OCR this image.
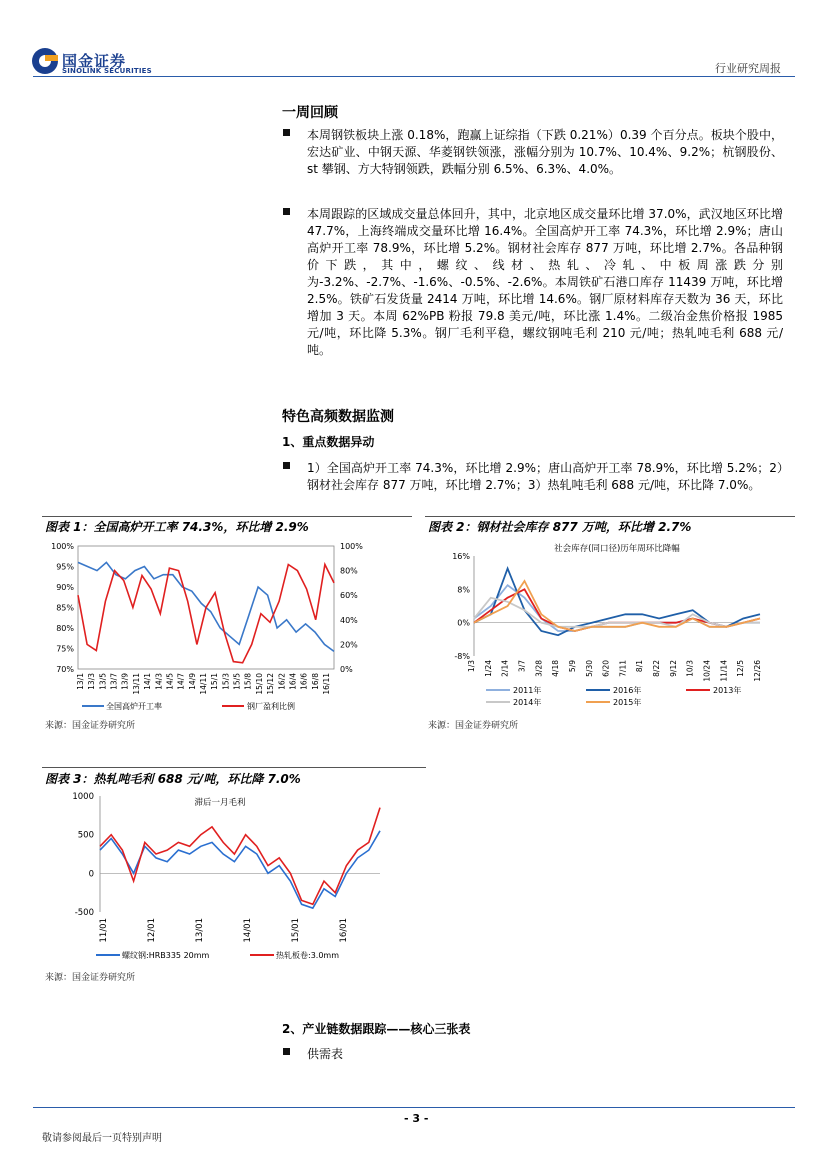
国金证券
SINOLINK SECURITIES	行业研究周报
一周回顾
本周钢铁板块上涨 0.18%，跑赢上证综指（下跌 0.21%）0.39 个百分点。板块个股中，宏达矿业、中钢天源、华菱钢铁领涨，涨幅分别为 10.7%、10.4%、9.2%；杭钢股份、st 攀钢、方大特钢领跌，跌幅分别 6.5%、6.3%、4.0%。
本周跟踪的区域成交量总体回升，其中，北京地区成交量环比增 37.0%，武汉地区环比增 47.7%，上海终端成交量环比增 16.4%。全国高炉开工率 74.3%，环比增 2.9%；唐山高炉开工率 78.9%，环比增 5.2%。钢材社会库存 877 万吨，环比增 2.7%。各品种钢价下跌，其中，螺纹、线材、热轧、冷轧、中板周涨跌分别为-3.2%、-2.7%、-1.6%、-0.5%、-2.6%。本周铁矿石港口库存 11439 万吨，环比增 2.5%。铁矿石发货量 2414 万吨，环比增 14.6%。钢厂原材料库存天数为 36 天，环比增加 3 天。本周 62%PB 粉报 79.8 美元/吨，环比涨 1.4%。二级冶金焦价格报 1985 元/吨，环比降 5.3%。钢厂毛利平稳，螺纹钢吨毛利 210 元/吨；热轧吨毛利 688 元/吨。
特色高频数据监测
1、重点数据异动
1）全国高炉开工率 74.3%，环比增 2.9%；唐山高炉开工率 78.9%，环比增 5.2%；2）钢材社会库存 877 万吨，环比增 2.7%；3）热轧吨毛利 688 元/吨，环比降 7.0%。
图表 1：全国高炉开工率 74.3%，环比增 2.9%
100%
95%
90%
85%
80%
75%
70%
100%
80%
60%
40%
20%
0%
13/1 13/3 13/5 13/7 13/9 13/11 14/1 14/3 14/5 14/7 14/9 14/11 15/1 15/3 15/5 15/8 15/10 15/12 16/2 16/4 16/6 16/8 16/11
全国高炉开工率	钢厂盈利比例
来源：国金证券研究所
图表 2：钢材社会库存 877 万吨，环比增 2.7%
社会库存(同口径)历年周环比降幅
16%
8%
0%
-8%
1/3 1/24 2/14 3/7 3/28 4/18 5/9 5/30 6/20 7/11 8/1 8/22 9/12 10/3 10/24 11/14 12/5 12/26
2011年	2016年	2013年
2014年	2015年
来源：国金证券研究所
图表 3：热轧吨毛利 688 元/吨，环比降 7.0%
滞后一月毛利
1000
500
0
-500
11/01	12/01	13/01	14/01	15/01	16/01
螺纹钢:HRB335 20mm	热轧板卷:3.0mm
来源：国金证券研究所
2、产业链数据跟踪——核心三张表
供需表
- 3 -
敬请参阅最后一页特别声明
